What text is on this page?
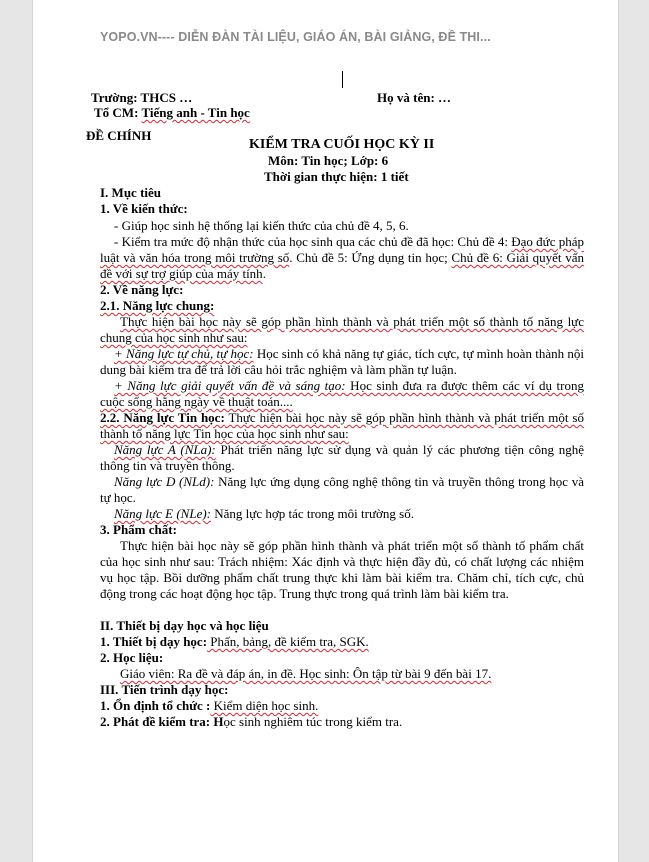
YOPO.VN---- DIỄN ĐÀN TÀI LIỆU, GIÁO ÁN, BÀI GIẢNG, ĐỀ THI...
Trường: THCS …	Họ và tên: …
Tổ CM: Tiếng anh - Tin học
ĐỀ CHÍNH
KIỂM TRA CUỐI HỌC KỲ II
Môn: Tin học; Lớp: 6
Thời gian thực hiện: 1 tiết
I. Mục tiêu
1. Về kiến thức:
- Giúp học sinh hệ thống lại kiến thức của chủ đề 4, 5, 6.
- Kiểm tra mức độ nhận thức của học sinh qua các chủ đề đã học: Chủ đề 4: Đạo đức pháp luật và văn hóa trong môi trường số. Chủ đề 5: Ứng dụng tin học; Chủ đề 6: Giải quyết vấn đề với sự trợ giúp của máy tính.
2. Về năng lực:
2.1. Năng lực chung:
Thực hiện bài học này sẽ góp phần hình thành và phát triển một số thành tố năng lực chung của học sinh như sau:
+ Năng lực tự chủ, tự học: Học sinh có khả năng tự giác, tích cực, tự mình hoàn thành nội dung bài kiểm tra để trả lời câu hỏi trắc nghiệm và làm phần tự luận.
+ Năng lực giải quyết vấn đề và sáng tạo: Học sinh đưa ra được thêm các ví dụ trong cuộc sống hằng ngày về thuật toán....
2.2. Năng lực Tin học: Thực hiện bài học này sẽ góp phần hình thành và phát triển một số thành tố năng lực Tin học của học sinh như sau:
Năng lực A (NLa): Phát triển năng lực sử dụng và quản lý các phương tiện công nghệ thông tin và truyền thông.
Năng lực D (NLd): Năng lực ứng dụng công nghệ thông tin và truyền thông trong học và tự học.
Năng lực E (NLe): Năng lực hợp tác trong môi trường số.
3. Phẩm chất:
Thực hiện bài học này sẽ góp phần hình thành và phát triển một số thành tố phẩm chất của học sinh như sau: Trách nhiệm: Xác định và thực hiện đầy đủ, có chất lượng các nhiệm vụ học tập. Bồi dưỡng phẩm chất trung thực khi làm bài kiểm tra. Chăm chỉ, tích cực, chủ động trong các hoạt động học tập. Trung thực trong quá trình làm bài kiểm tra.
II. Thiết bị dạy học và học liệu
1. Thiết bị dạy học: Phấn, bảng, đề kiểm tra, SGK.
2. Học liệu:
Giáo viên: Ra đề và đáp án, in đề. Học sinh: Ôn tập từ bài 9 đến bài 17.
III. Tiến trình dạy học:
1. Ổn định tổ chức : Kiểm diện học sinh.
2. Phát đề kiểm tra: Học sinh nghiêm túc trong kiểm tra.
